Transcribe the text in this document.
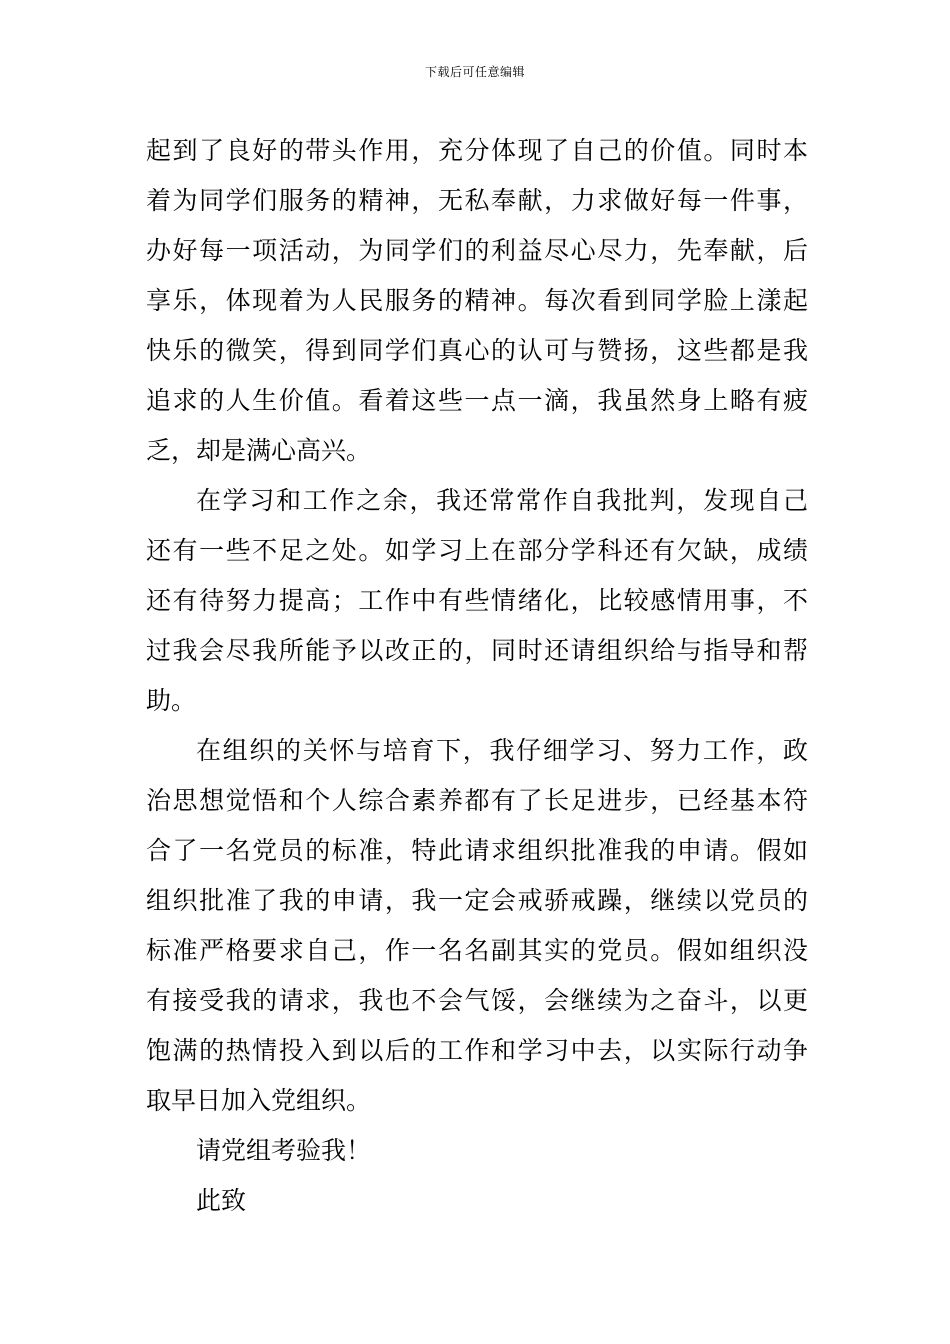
下载后可任意编辑
起到了良好的带头作用，充分体现了自己的价值。同时本
着为同学们服务的精神，无私奉献，力求做好每一件事，
办好每一项活动，为同学们的利益尽心尽力，先奉献，后
享乐，体现着为人民服务的精神。每次看到同学脸上漾起
快乐的微笑，得到同学们真心的认可与赞扬，这些都是我
追求的人生价值。看着这些一点一滴，我虽然身上略有疲
乏，却是满心高兴。
在学习和工作之余，我还常常作自我批判，发现自己
还有一些不足之处。如学习上在部分学科还有欠缺，成绩
还有待努力提高；工作中有些情绪化，比较感情用事，不
过我会尽我所能予以改正的，同时还请组织给与指导和帮
助。
在组织的关怀与培育下，我仔细学习、努力工作，政
治思想觉悟和个人综合素养都有了长足进步，已经基本符
合了一名党员的标准，特此请求组织批准我的申请。假如
组织批准了我的申请，我一定会戒骄戒躁，继续以党员的
标准严格要求自己，作一名名副其实的党员。假如组织没
有接受我的请求，我也不会气馁，会继续为之奋斗，以更
饱满的热情投入到以后的工作和学习中去，以实际行动争
取早日加入党组织。
请党组考验我！
此致
